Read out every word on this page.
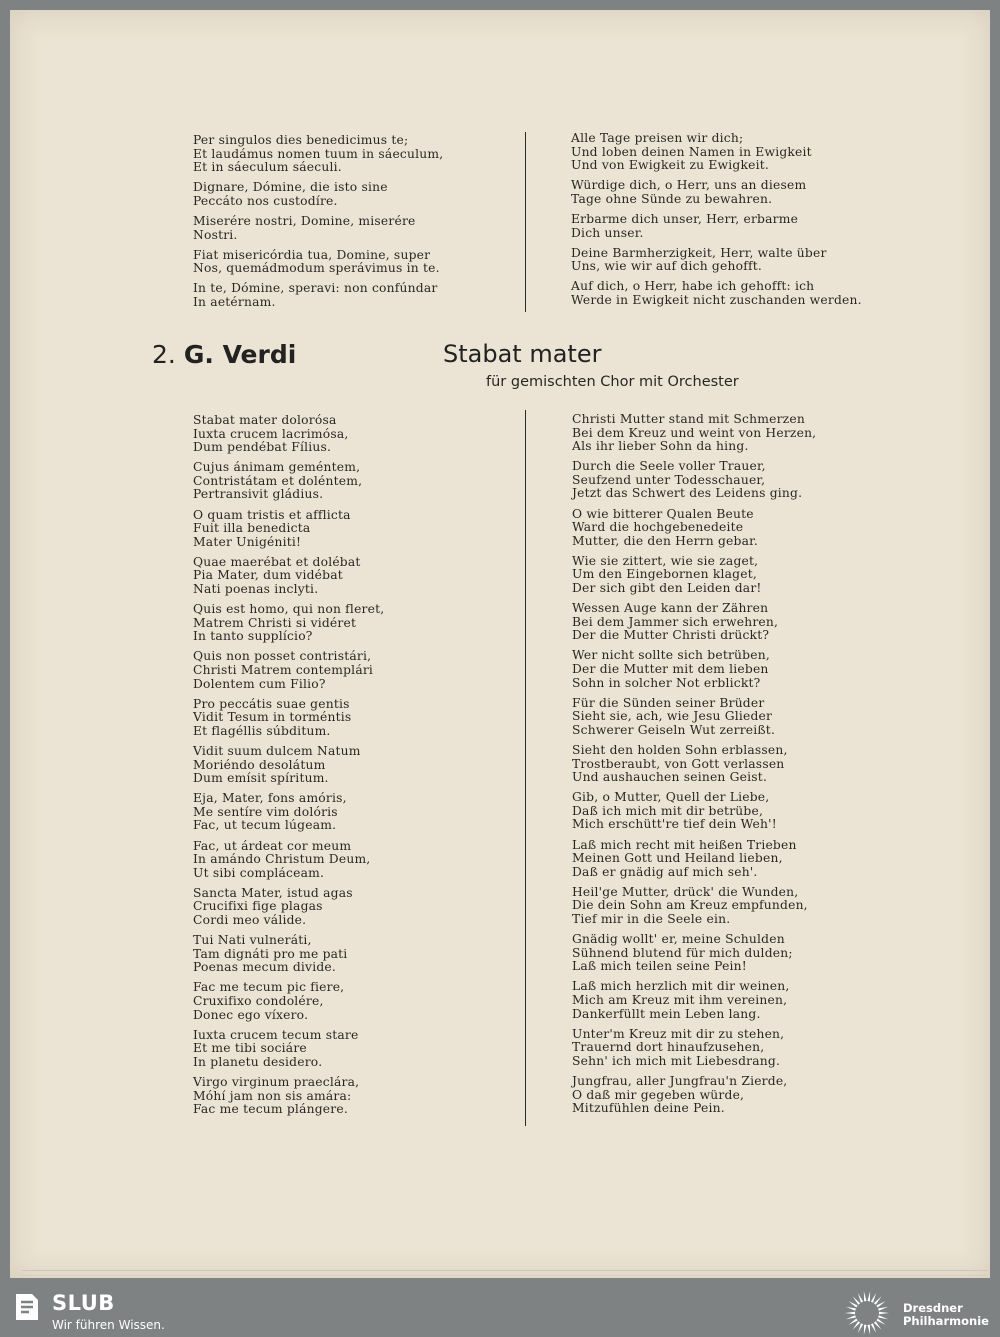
Per singulos dies benedicimus te;
Et laudámus nomen tuum in sáeculum,
Et in sáeculum sáeculi.
Dignare, Dómine, die isto sine
Peccáto nos custodíre.
Miserére nostri, Domine, miserére
Nostri.
Fiat misericórdia tua, Domine, super
Nos, quemádmodum sperávimus in te.
In te, Dómine, speravi: non confúndar
In aetérnam.
Alle Tage preisen wir dich;
Und loben deinen Namen in Ewigkeit
Und von Ewigkeit zu Ewigkeit.
Würdige dich, o Herr, uns an diesem
Tage ohne Sünde zu bewahren.
Erbarme dich unser, Herr, erbarme
Dich unser.
Deine Barmherzigkeit, Herr, walte über
Uns, wie wir auf dich gehofft.
Auf dich, o Herr, habe ich gehofft: ich
Werde in Ewigkeit nicht zuschanden werden.
2. G. Verdi	Stabat mater
für gemischten Chor mit Orchester
Stabat mater dolorósa
Iuxta crucem lacrimósa,
Dum pendébat Fílius.
Cujus ánimam geméntem,
Contristátam et doléntem,
Pertransivit gládius.
O quam tristis et afflicta
Fuit illa benedicta
Mater Unigéniti!
Quae maerébat et dolébat
Pia Mater, dum vidébat
Nati poenas inclyti.
Quis est homo, qui non fleret,
Matrem Christi si vidéret
In tanto supplício?
Quis non posset contristári,
Christi Matrem contemplári
Dolentem cum Filio?
Pro peccátis suae gentis
Vidit Tesum in torméntis
Et flagéllis súbditum.
Vidit suum dulcem Natum
Moriéndo desolátum
Dum emísit spíritum.
Eja, Mater, fons amóris,
Me sentíre vim dolóris
Fac, ut tecum lúgeam.
Fac, ut árdeat cor meum
In amándo Christum Deum,
Ut sibi compláceam.
Sancta Mater, istud agas
Crucifixi fige plagas
Cordi meo válide.
Tui Nati vulneráti,
Tam dignáti pro me pati
Poenas mecum divide.
Fac me tecum pic fiere,
Cruxifixo condolére,
Donec ego víxero.
Iuxta crucem tecum stare
Et me tibi sociáre
In planetu desidero.
Virgo virginum praeclára,
Móhí jam non sis amára:
Fac me tecum plángere.
Christi Mutter stand mit Schmerzen
Bei dem Kreuz und weint von Herzen,
Als ihr lieber Sohn da hing.
Durch die Seele voller Trauer,
Seufzend unter Todesschauer,
Jetzt das Schwert des Leidens ging.
O wie bitterer Qualen Beute
Ward die hochgebenedeite
Mutter, die den Herrn gebar.
Wie sie zittert, wie sie zaget,
Um den Eingebornen klaget,
Der sich gibt den Leiden dar!
Wessen Auge kann der Zähren
Bei dem Jammer sich erwehren,
Der die Mutter Christi drückt?
Wer nicht sollte sich betrüben,
Der die Mutter mit dem lieben
Sohn in solcher Not erblickt?
Für die Sünden seiner Brüder
Sieht sie, ach, wie Jesu Glieder
Schwerer Geiseln Wut zerreißt.
Sieht den holden Sohn erblassen,
Trostberaubt, von Gott verlassen
Und aushauchen seinen Geist.
Gib, o Mutter, Quell der Liebe,
Daß ich mich mit dir betrübe,
Mich erschütt're tief dein Weh'!
Laß mich recht mit heißen Trieben
Meinen Gott und Heiland lieben,
Daß er gnädig auf mich seh'.
Heil'ge Mutter, drück' die Wunden,
Die dein Sohn am Kreuz empfunden,
Tief mir in die Seele ein.
Gnädig wollt' er, meine Schulden
Sühnend blutend für mich dulden;
Laß mich teilen seine Pein!
Laß mich herzlich mit dir weinen,
Mich am Kreuz mit ihm vereinen,
Dankerfüllt mein Leben lang.
Unter'm Kreuz mit dir zu stehen,
Trauernd dort hinaufzusehen,
Sehn' ich mich mit Liebesdrang.
Jungfrau, aller Jungfrau'n Zierde,
O daß mir gegeben würde,
Mitzufühlen deine Pein.
SLUB
Wir führen Wissen.
Dresdner
Philharmonie
